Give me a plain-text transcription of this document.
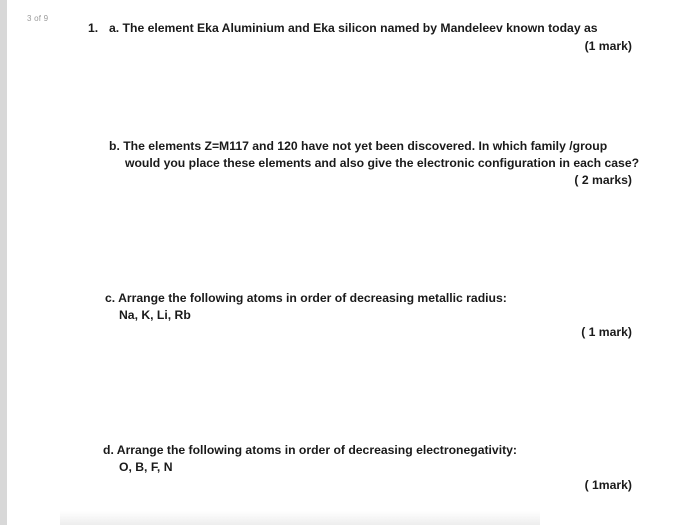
3 of 9
1. a. The element Eka Aluminium and Eka silicon named by Mandeleev known today as
(1 mark)
b. The elements Z=M117 and 120 have not yet been discovered. In which family /group
would you place these elements and also give the electronic configuration in each case?
( 2 marks)
c. Arrange the following atoms in order of decreasing metallic radius:
Na, K, Li, Rb
( 1 mark)
d. Arrange the following atoms in order of decreasing electronegativity:
O, B, F, N
( 1mark)
